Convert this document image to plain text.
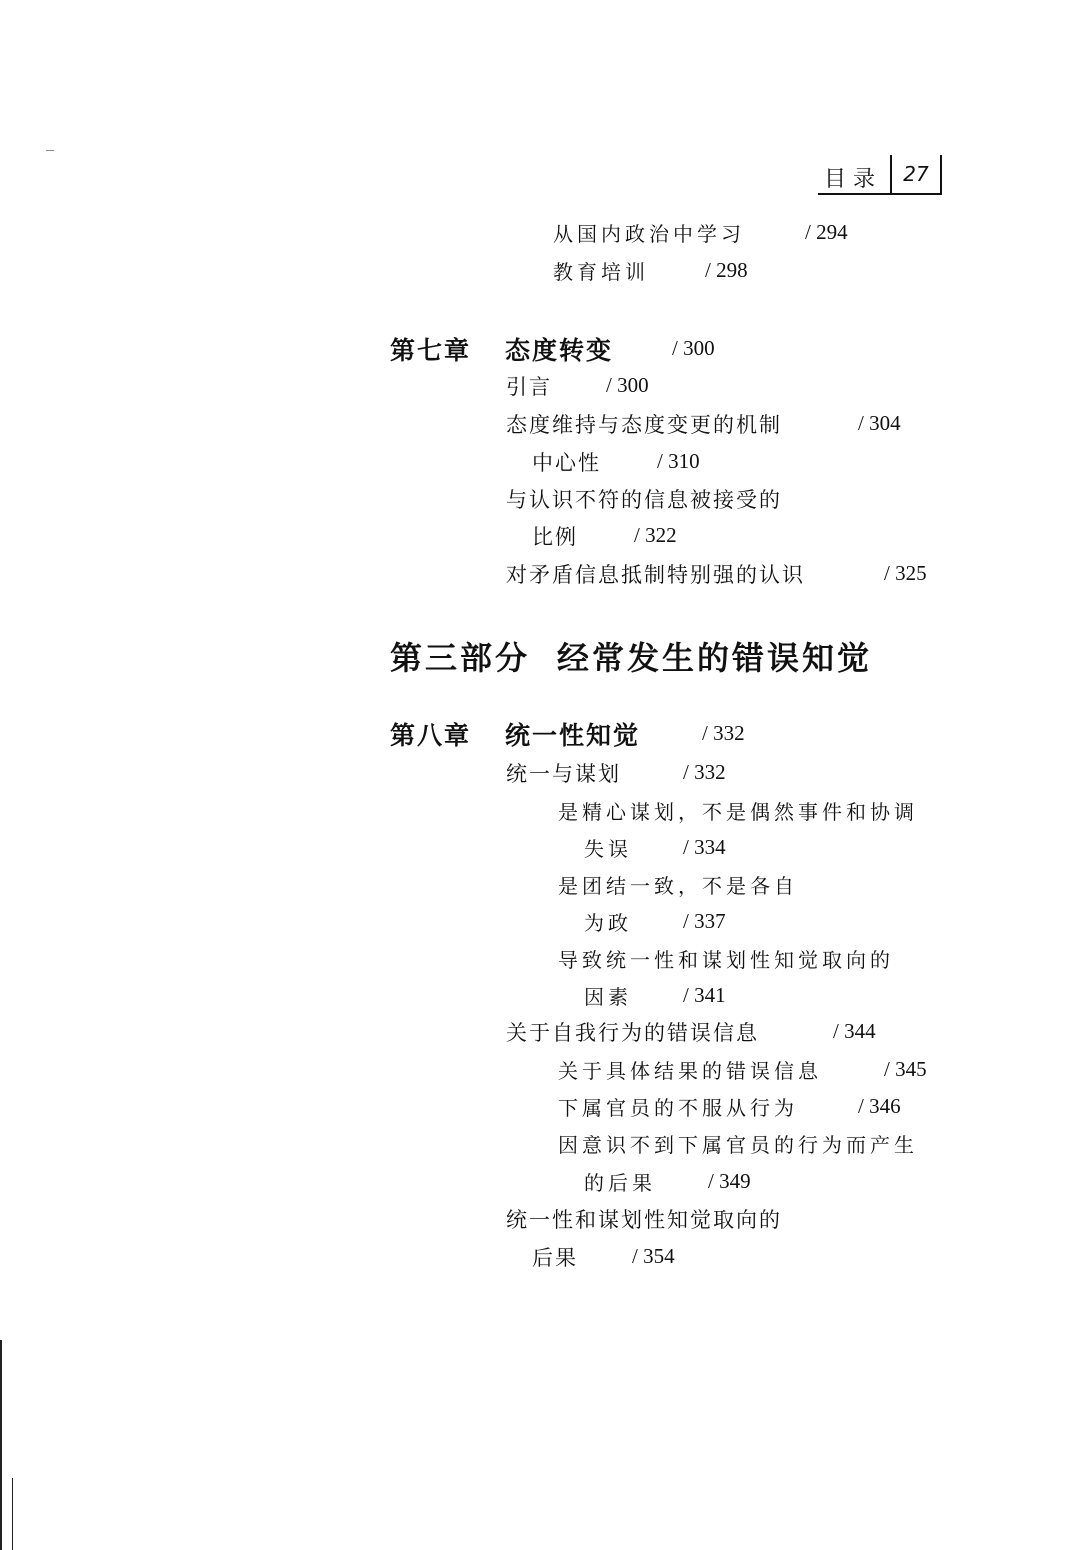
目 录	27
从国内政治中学习	/ 294
教育培训	/ 298
第七章 态度转变	/ 300
引言	/ 300
态度维持与态度变更的机制	/ 304
中心性	/ 310
与认识不符的信息被接受的
比例	/ 322
对矛盾信息抵制特别强的认识	/ 325
第三部分 经常发生的错误知觉
第八章 统一性知觉	/ 332
统一与谋划	/ 332
是精心谋划，不是偶然事件和协调
失误 / 334
是团结一致，不是各自
为政 / 337
导致统一性和谋划性知觉取向的
因素 / 341
关于自我行为的错误信息	/ 344
关于具体结果的错误信息	/ 345
下属官员的不服从行为	/ 346
因意识不到下属官员的行为而产生
的后果 / 349
统一性和谋划性知觉取向的
后果	/ 354
